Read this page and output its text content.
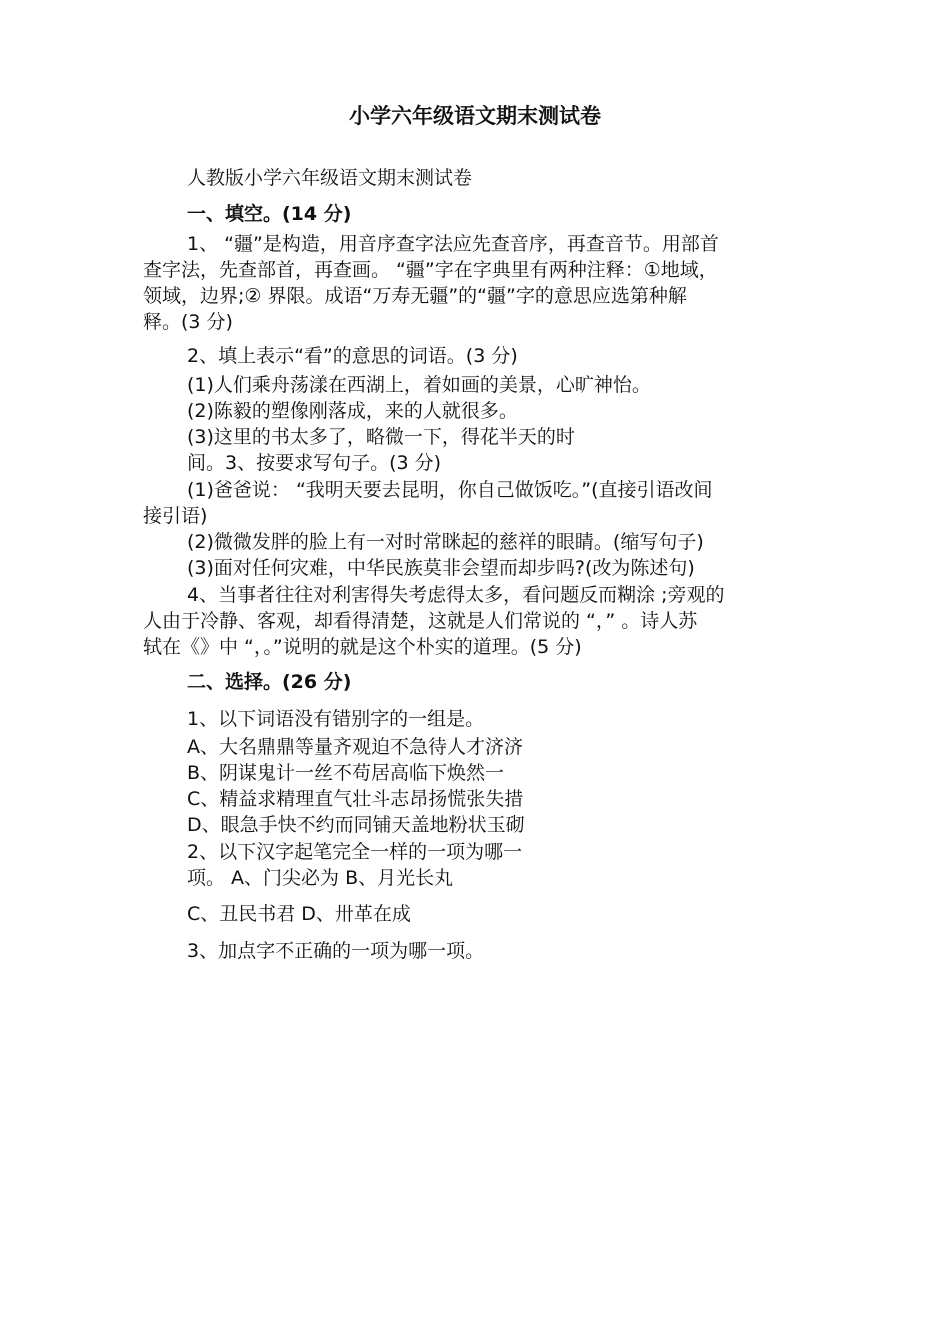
小学六年级语文期末测试卷
人教版小学六年级语文期末测试卷
一、填空。(14 分)
1、 “疆”是构造，用音序查字法应先查音序，再查音节。用部首
查字法，先查部首，再查画。 “疆”字在字典里有两种注释：①地域，
领域，边界;② 界限。成语“万寿无疆”的“疆”字的意思应选第种解
释。(3 分)
2、填上表示“看”的意思的词语。(3 分)
(1)人们乘舟荡漾在西湖上，着如画的美景，心旷神怡。
(2)陈毅的塑像刚落成，来的人就很多。
(3)这里的书太多了，略微一下，得花半天的时
间。3、按要求写句子。(3 分)
(1)爸爸说： “我明天要去昆明，你自己做饭吃。”(直接引语改间
接引语)
(2)微微发胖的脸上有一对时常眯起的慈祥的眼睛。(缩写句子)
(3)面对任何灾难，中华民族莫非会望而却步吗?(改为陈述句)
4、当事者往往对利害得失考虑得太多，看问题反而糊涂 ;旁观的
人由于冷静、客观，却看得清楚，这就是人们常说的 “，” 。诗人苏
轼在《》中 “，。”说明的就是这个朴实的道理。(5 分)
二、选择。(26 分)
1、以下词语没有错别字的一组是。
A、大名鼎鼎等量齐观迫不急待人才济济
B、阴谋鬼计一丝不苟居高临下焕然一
C、精益求精理直气壮斗志昂扬慌张失措
D、眼急手快不约而同铺天盖地粉状玉砌
2、以下汉字起笔完全一样的一项为哪一
项。 A、门尖必为 B、月光长丸
C、丑民书君 D、卅革在成
3、加点字不正确的一项为哪一项。
